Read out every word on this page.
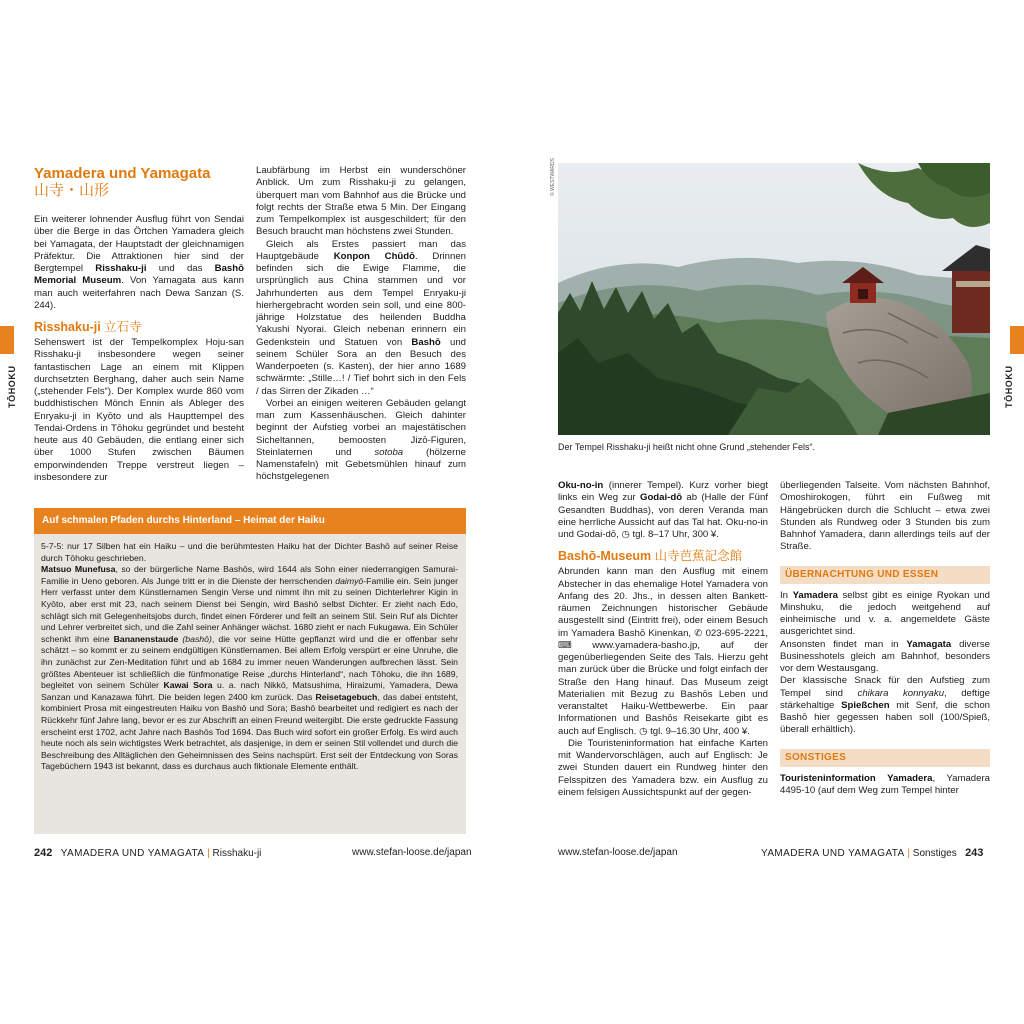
TŌHOKU
Yamadera und Yamagata
山寺・山形

Ein weiterer lohnender Ausflug führt von Sendai über die Berge in das Örtchen Yamadera gleich bei Yamagata, der Hauptstadt der gleichnamigen Präfektur. Die Attraktionen hier sind der Bergtempel Risshaku-ji und das Bashō Memorial Museum. Von Yamagata aus kann man auch weiterfahren nach Dewa Sanzan (S. 244).

Risshaku-ji 立石寺

Sehenswert ist der Tempelkomplex Hoju-san Risshaku-ji insbesondere wegen seiner fantastischen Lage an einem mit Klippen durchsetzten Berghang, daher auch sein Name („stehender Fels“). Der Komplex wurde 860 vom buddhistischen Mönch Ennin als Ableger des Enryaku-ji in Kyōto und als Haupttempel des Tendai-Ordens in Tōhoku gegründet und besteht heute aus 40 Gebäuden, die entlang einer sich über 1000 Stufen zwischen Bäumen emporwindenden Treppe verstreut liegen – insbesondere zur

Laubfärbung im Herbst ein wunderschöner Anblick. Um zum Risshaku-ji zu gelangen, überquert man vom Bahnhof aus die Brücke und folgt rechts der Straße etwa 5 Min. Der Eingang zum Tempelkomplex ist ausgeschildert; für den Besuch braucht man höchstens zwei Stunden.

Gleich als Erstes passiert man das Hauptgebäude Konpon Chūdō. Drinnen befinden sich die Ewige Flamme, die ursprünglich aus China stammen und vor Jahrhunderten aus dem Tempel Enryaku-ji hierhergebracht worden sein soll, und eine 800-jährige Holzstatue des heilenden Buddha Yakushi Nyorai. Gleich nebenan erinnern ein Gedenkstein und Statuen von Bashō und seinem Schüler Sora an den Besuch des Wanderpoeten (s. Kasten), der hier anno 1689 schwärmte: „Stille…! / Tief bohrt sich in den Fels / das Sirren der Zikaden …“

Vorbei an einigen weiteren Gebäuden gelangt man zum Kassenhäuschen. Gleich dahinter beginnt der Aufstieg vorbei an majestätischen Sicheltannen, bemoosten Jizō-Figuren, Steinlaternen und sotoba (hölzerne Namenstafeln) mit Gebetsmühlen hinauf zum höchstgelegenen

Auf schmalen Pfaden durchs Hinterland – Heimat der Haiku

5-7-5: nur 17 Silben hat ein Haiku – und die berühmtesten Haiku hat der Dichter Bashō auf seiner Reise durch Tōhoku geschrieben.
Matsuo Munefusa, so der bürgerliche Name Bashōs, wird 1644 als Sohn einer niederrangigen Samurai-Familie in Ueno geboren. Als Junge tritt er in die Dienste der herrschenden daimyō-Familie ein. Sein junger Herr verfasst unter dem Künstlernamen Sengin Verse und nimmt ihn mit zu seinen Dichterlehrer Kigin in Kyōto, aber erst mit 23, nach seinem Dienst bei Sengin, wird Bashō selbst Dichter. Er zieht nach Edo, schlägt sich mit Gelegenheitsjobs durch, findet einen Förderer und feilt an seinem Stil. Sein Ruf als Dichter und Lehrer verbreitet sich, und die Zahl seiner Anhänger wächst. 1680 zieht er nach Fukugawa. Ein Schüler schenkt ihm eine Bananenstaude (bashō), die vor seine Hütte gepflanzt wird und die er offenbar sehr schätzt – so kommt er zu seinem endgültigen Künstlernamen. Bei allem Erfolg verspürt er eine Unruhe, die ihn zunächst zur Zen-Meditation führt und ab 1684 zu immer neuen Wanderungen aufbrechen lässt. Sein größtes Abenteuer ist schließlich die fünfmonatige Reise „durchs Hinterland“, nach Tōhoku, die ihn 1689, begleitet von seinem Schüler Kawai Sora u. a. nach Nikkō, Matsushima, Hiraizumi, Yamadera, Dewa Sanzan und Kanazawa führt. Die beiden legen 2400 km zurück. Das Reisetagebuch, das dabei entsteht, kombiniert Prosa mit eingestreuten Haiku von Bashō und Sora; Bashō bearbeitet und redigiert es nach der Rückkehr fünf Jahre lang, bevor er es zur Abschrift an einen Freund weitergibt. Die erste gedruckte Fassung erscheint erst 1702, acht Jahre nach Bashōs Tod 1694. Das Buch wird sofort ein großer Erfolg. Es wird auch heute noch als sein wichtigstes Werk betrachtet, als dasjenige, in dem er seinen Stil vollendet und durch die Beschreibung des Alltäglichen den Geheimnissen des Seins nachspürt. Erst seit der Entdeckung von Soras Tagebüchern 1943 ist bekannt, dass es durchaus auch fiktionale Elemente enthält.

242 YAMADERA UND YAMAGATA | Risshaku-ji	www.stefan-loose.de/japan
TŌHOKU
© WESTWARDS
Der Tempel Risshaku-ji heißt nicht ohne Grund „stehender Fels“.

Oku-no-in (innerer Tempel). Kurz vorher biegt links ein Weg zur Godai-dō ab (Halle der Fünf Gesandten Buddhas), von deren Veranda man eine herrliche Aussicht auf das Tal hat. Oku-no-in und Godai-dō, ◷ tgl. 8–17 Uhr, 300 ¥.

Bashō-Museum 山寺芭蕉記念館

Abrunden kann man den Ausflug mit einem Abstecher in das ehemalige Hotel Yamadera von Anfang des 20. Jhs., in dessen alten Banketträumen Zeichnungen historischer Gebäude ausgestellt sind (Eintritt frei), oder einem Besuch im Yamadera Bashō Kinenkan, ✆ 023-695-2221, ⌨ www.yamadera-basho.jp, auf der gegenüberliegenden Seite des Tals. Hierzu geht man zurück über die Brücke und folgt einfach der Straße den Hang hinauf. Das Museum zeigt Materialien mit Bezug zu Bashōs Leben und veranstaltet Haiku-Wettbewerbe. Ein paar Informationen und Bashōs Reisekarte gibt es auch auf Englisch. ◷ tgl. 9–16.30 Uhr, 400 ¥.

Die Touristeninformation hat einfache Karten mit Wandervorschlägen, auch auf Englisch: Je zwei Stunden dauert ein Rundweg hinter den Felsspitzen des Yamadera bzw. ein Ausflug zu einem felsigen Aussichtspunkt auf der gegen-

überliegenden Talseite. Vom nächsten Bahnhof, Omoshirokogen, führt ein Fußweg mit Hängebrücken durch die Schlucht – etwa zwei Stunden als Rundweg oder 3 Stunden bis zum Bahnhof Yamadera, dann allerdings teils auf der Straße.

ÜBERNACHTUNG UND ESSEN

In Yamadera selbst gibt es einige Ryokan und Minshuku, die jedoch weitgehend auf einheimische und v. a. angemeldete Gäste ausgerichtet sind.

Ansonsten findet man in Yamagata diverse Businesshotels gleich am Bahnhof, besonders vor dem Westausgang.

Der klassische Snack für den Aufstieg zum Tempel sind chikara konnyaku, deftige stärkehaltige Spießchen mit Senf, die schon Bashō hier gegessen haben soll (100/Spieß, überall erhältlich).

SONSTIGES

Touristeninformation Yamadera, Yamadera 4495-10 (auf dem Weg zum Tempel hinter

www.stefan-loose.de/japan	YAMADERA UND YAMAGATA | Sonstiges 243
